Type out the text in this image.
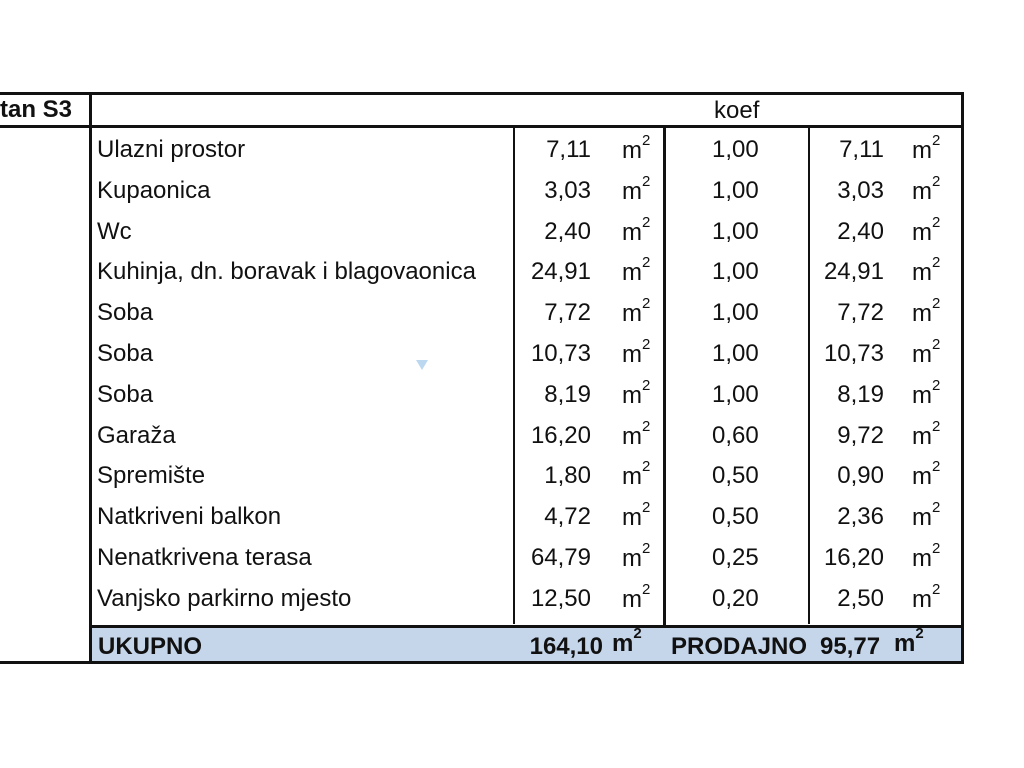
tan S3	koef
Ulazni prostor	7,11 $m^2$	1,00	7,11 $m^2$
Kupaonica	3,03 $m^2$	1,00	3,03 $m^2$
Wc	2,40 $m^2$	1,00	2,40 $m^2$
Kuhinja, dn. boravak i blagovaonica 24,91 $m^2$	1,00	24,91 $m^2$
Soba	7,72 $m^2$	1,00	7,72 $m^2$
Soba	10,73 $m^2$	1,00	10,73 $m^2$
Soba	8,19 $m^2$	1,00	8,19 $m^2$
Garaža	16,20 $m^2$	0,60	9,72 $m^2$
Spremište	1,80 $m^2$	0,50	0,90 $m^2$
Natkriveni balkon	4,72 $m^2$	0,50	2,36 $m^2$
Nenatkrivena terasa	64,79 $m^2$	0,25	16,20 $m^2$
Vanjsko parkirno mjesto	12,50 $m^2$	0,20	2,50 $m^2$
UKUPNO	164,10 $m^2$ PRODAJNO 95,77 $m^2$
